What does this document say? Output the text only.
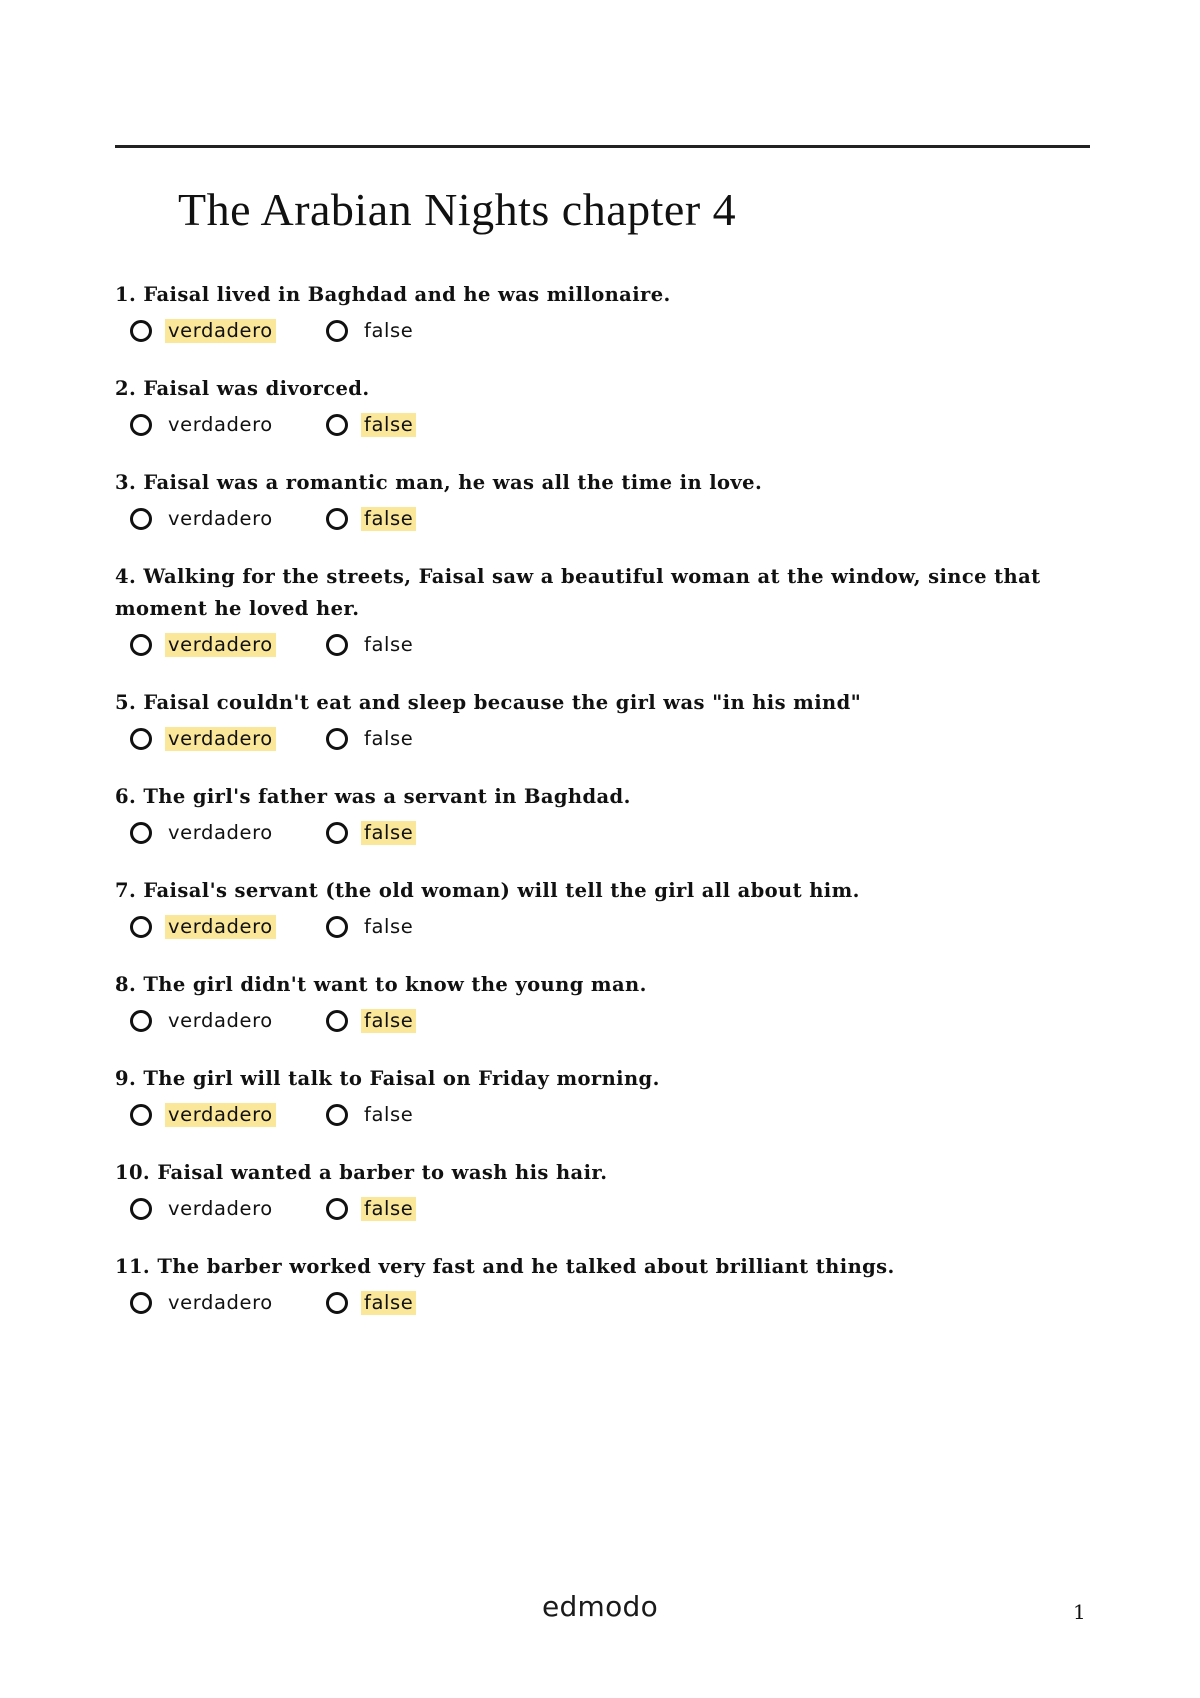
The Arabian Nights chapter 4

1. Faisal lived in Baghdad and he was millonaire.

verdadero	false

2. Faisal was divorced.

verdadero	false

3. Faisal was a romantic man, he was all the time in love.

verdadero	false

4. Walking for the streets, Faisal saw a beautiful woman at the window, since that moment he loved her.

verdadero	false

5. Faisal couldn't eat and sleep because the girl was "in his mind"

verdadero	false

6. The girl's father was a servant in Baghdad.

verdadero	false

7. Faisal's servant (the old woman) will tell the girl all about him.

verdadero	false

8. The girl didn't want to know the young man.

verdadero	false

9. The girl will talk to Faisal on Friday morning.

verdadero	false

10. Faisal wanted a barber to wash his hair.

verdadero	false

11. The barber worked very fast and he talked about brilliant things.

verdadero	false
edmodo	1
